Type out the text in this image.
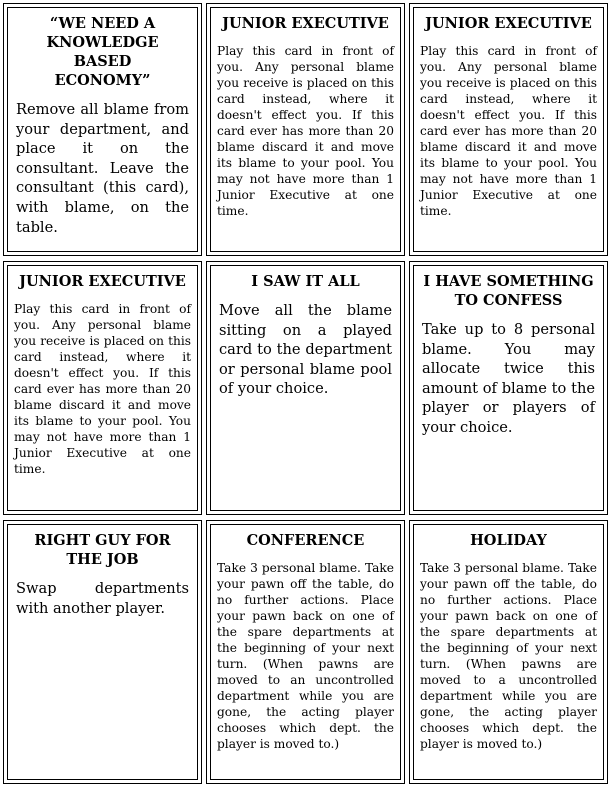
“WE NEED A KNOWLEDGE BASED ECONOMY”

Remove all blame from your department, and place it on the consultant. Leave the consultant (this card), with blame, on the table.

JUNIOR EXECUTIVE

Play this card in front of you. Any personal blame you receive is placed on this card instead, where it doesn't effect you. If this card ever has more than 20 blame discard it and move its blame to your pool. You may not have more than 1 Junior Executive at one time.

JUNIOR EXECUTIVE

Play this card in front of you. Any personal blame you receive is placed on this card instead, where it doesn't effect you. If this card ever has more than 20 blame discard it and move its blame to your pool. You may not have more than 1 Junior Executive at one time.

JUNIOR EXECUTIVE

Play this card in front of you. Any personal blame you receive is placed on this card instead, where it doesn't effect you. If this card ever has more than 20 blame discard it and move its blame to your pool. You may not have more than 1 Junior Executive at one time.

I SAW IT ALL

Move all the blame sitting on a played card to the department or personal blame pool of your choice.

I HAVE SOMETHING TO CONFESS

Take up to 8 personal blame. You may allocate twice this amount of blame to the player or players of your choice.

RIGHT GUY FOR THE JOB

Swap departments with another player.

CONFERENCE

Take 3 personal blame. Take your pawn off the table, do no further actions. Place your pawn back on one of the spare departments at the beginning of your next turn. (When pawns are moved to an uncontrolled department while you are gone, the acting player chooses which dept. the player is moved to.)

HOLIDAY

Take 3 personal blame. Take your pawn off the table, do no further actions. Place your pawn back on one of the spare departments at the beginning of your next turn. (When pawns are moved to a uncontrolled department while you are gone, the acting player chooses which dept. the player is moved to.)
